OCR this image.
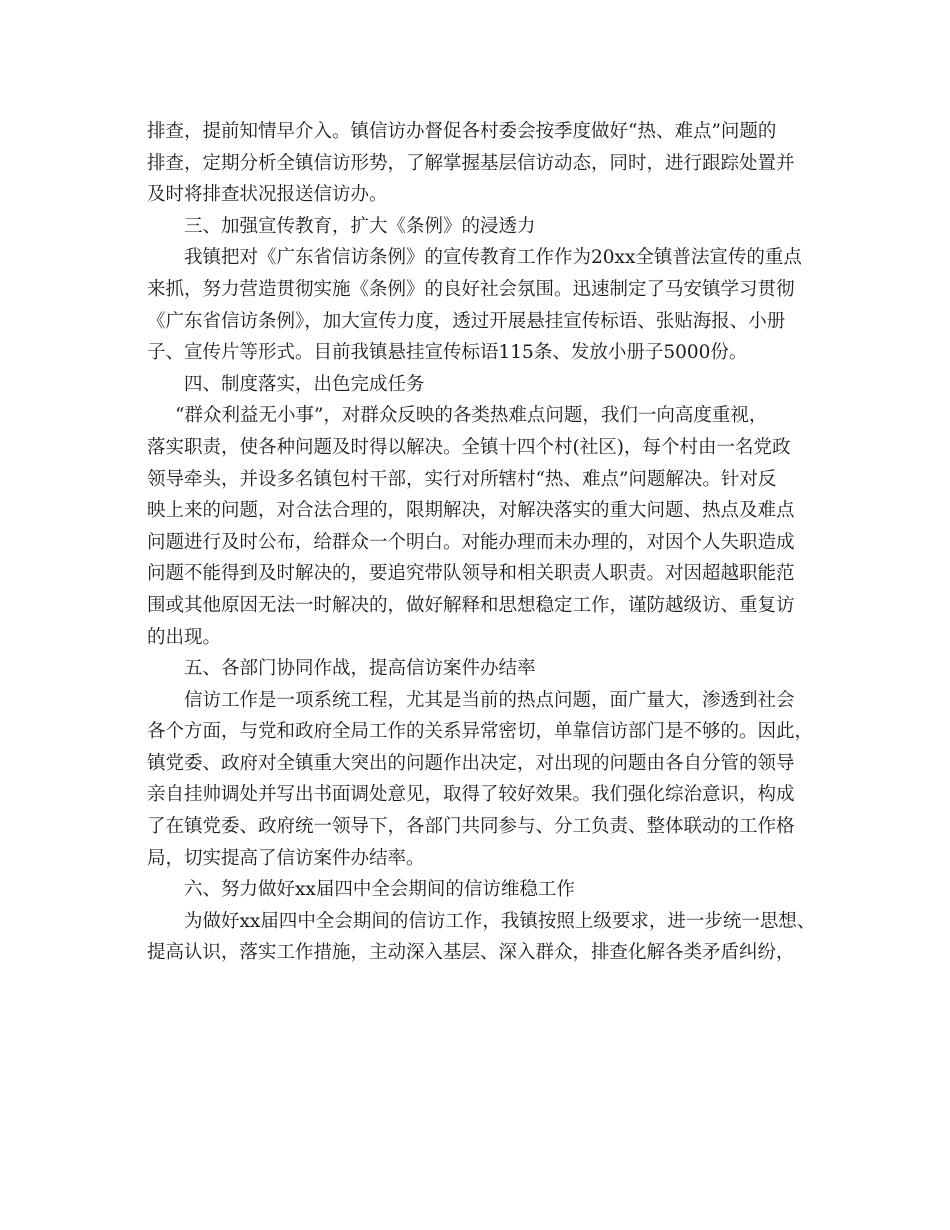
排查，提前知情早介入。镇信访办督促各村委会按季度做好“热、难点”问题的
排查，定期分析全镇信访形势，了解掌握基层信访动态，同时，进行跟踪处置并
及时将排查状况报送信访办。
三、加强宣传教育，扩大《条例》的浸透力
我镇把对《广东省信访条例》的宣传教育工作作为20xx全镇普法宣传的重点
来抓，努力营造贯彻实施《条例》的良好社会氛围。迅速制定了马安镇学习贯彻
《广东省信访条例》，加大宣传力度，透过开展悬挂宣传标语、张贴海报、小册
子、宣传片等形式。目前我镇悬挂宣传标语115条、发放小册子5000份。
四、制度落实，出色完成任务
“群众利益无小事”，对群众反映的各类热难点问题，我们一向高度重视，
落实职责，使各种问题及时得以解决。全镇十四个村(社区)，每个村由一名党政
领导牵头，并设多名镇包村干部，实行对所辖村“热、难点”问题解决。针对反
映上来的问题，对合法合理的，限期解决，对解决落实的重大问题、热点及难点
问题进行及时公布，给群众一个明白。对能办理而未办理的，对因个人失职造成
问题不能得到及时解决的，要追究带队领导和相关职责人职责。对因超越职能范
围或其他原因无法一时解决的，做好解释和思想稳定工作，谨防越级访、重复访
的出现。
五、各部门协同作战，提高信访案件办结率
信访工作是一项系统工程，尤其是当前的热点问题，面广量大，渗透到社会
各个方面，与党和政府全局工作的关系异常密切，单靠信访部门是不够的。因此，
镇党委、政府对全镇重大突出的问题作出决定，对出现的问题由各自分管的领导
亲自挂帅调处并写出书面调处意见，取得了较好效果。我们强化综治意识，构成
了在镇党委、政府统一领导下，各部门共同参与、分工负责、整体联动的工作格
局，切实提高了信访案件办结率。
六、努力做好xx届四中全会期间的信访维稳工作
为做好xx届四中全会期间的信访工作，我镇按照上级要求，进一步统一思想、
提高认识，落实工作措施，主动深入基层、深入群众，排查化解各类矛盾纠纷，
